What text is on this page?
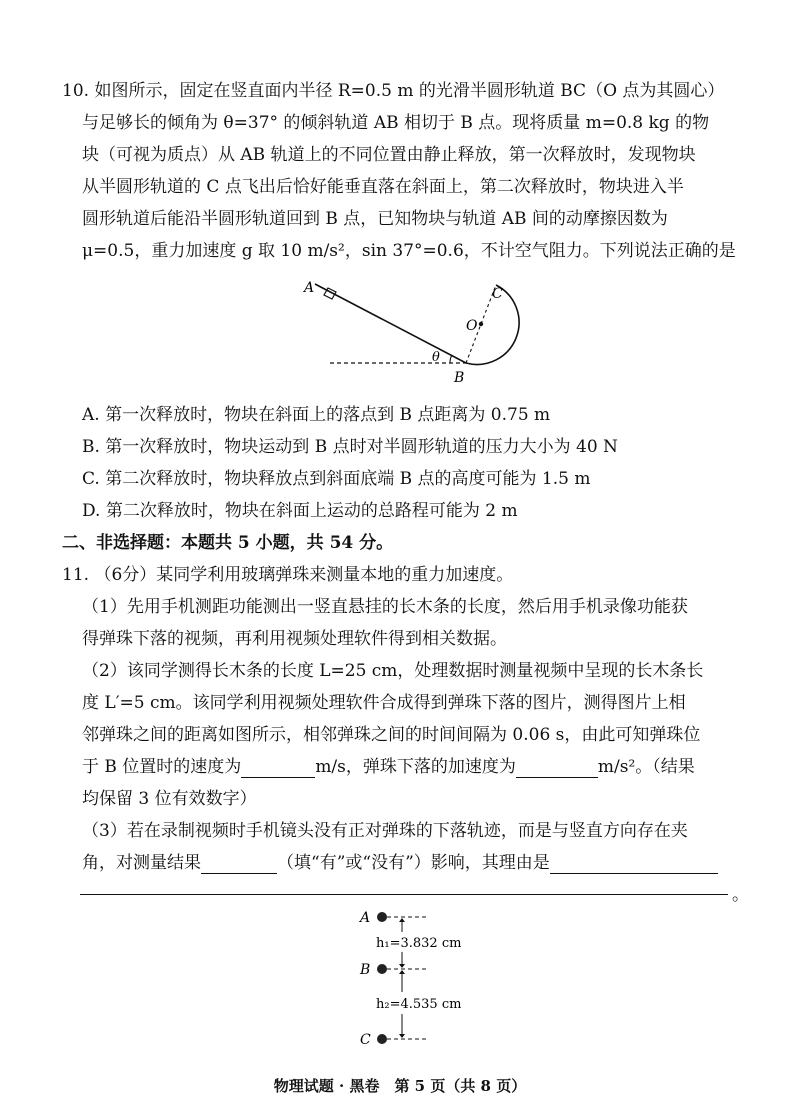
10. 如图所示，固定在竖直面内半径 R=0.5 m 的光滑半圆形轨道 BC（O 点为其圆心）
与足够长的倾角为 θ=37° 的倾斜轨道 AB 相切于 B 点。现将质量 m=0.8 kg 的物
块（可视为质点）从 AB 轨道上的不同位置由静止释放，第一次释放时，发现物块
从半圆形轨道的 C 点飞出后恰好能垂直落在斜面上，第二次释放时，物块进入半
圆形轨道后能沿半圆形轨道回到 B 点，已知物块与轨道 AB 间的动摩擦因数为
μ=0.5，重力加速度 g 取 10 m/s²，sin 37°=0.6，不计空气阻力。下列说法正确的是
A	C
O
θ
B
A. 第一次释放时，物块在斜面上的落点到 B 点距离为 0.75 m
B. 第一次释放时，物块运动到 B 点时对半圆形轨道的压力大小为 40 N
C. 第二次释放时，物块释放点到斜面底端 B 点的高度可能为 1.5 m
D. 第二次释放时，物块在斜面上运动的总路程可能为 2 m
二、非选择题：本题共 5 小题，共 54 分。
11. （6分）某同学利用玻璃弹珠来测量本地的重力加速度。
（1）先用手机测距功能测出一竖直悬挂的长木条的长度，然后用手机录像功能获
得弹珠下落的视频，再利用视频处理软件得到相关数据。
（2）该同学测得长木条的长度 L=25 cm，处理数据时测量视频中呈现的长木条长
度 L′=5 cm。该同学利用视频处理软件合成得到弹珠下落的图片，测得图片上相
邻弹珠之间的距离如图所示，相邻弹珠之间的时间间隔为 0.06 s，由此可知弹珠位
于 B 位置时的速度为	m/s，弹珠下落的加速度为	m/s²。（结果
均保留 3 位有效数字）
（3）若在录制视频时手机镜头没有正对弹珠的下落轨迹，而是与竖直方向存在夹
角，对测量结果	（填“有”或“没有”）影响，其理由是
。
A
B
C
h₁=3.832 cm
h₂=4.535 cm
物理试题 · 黑卷　第 5 页（共 8 页）
